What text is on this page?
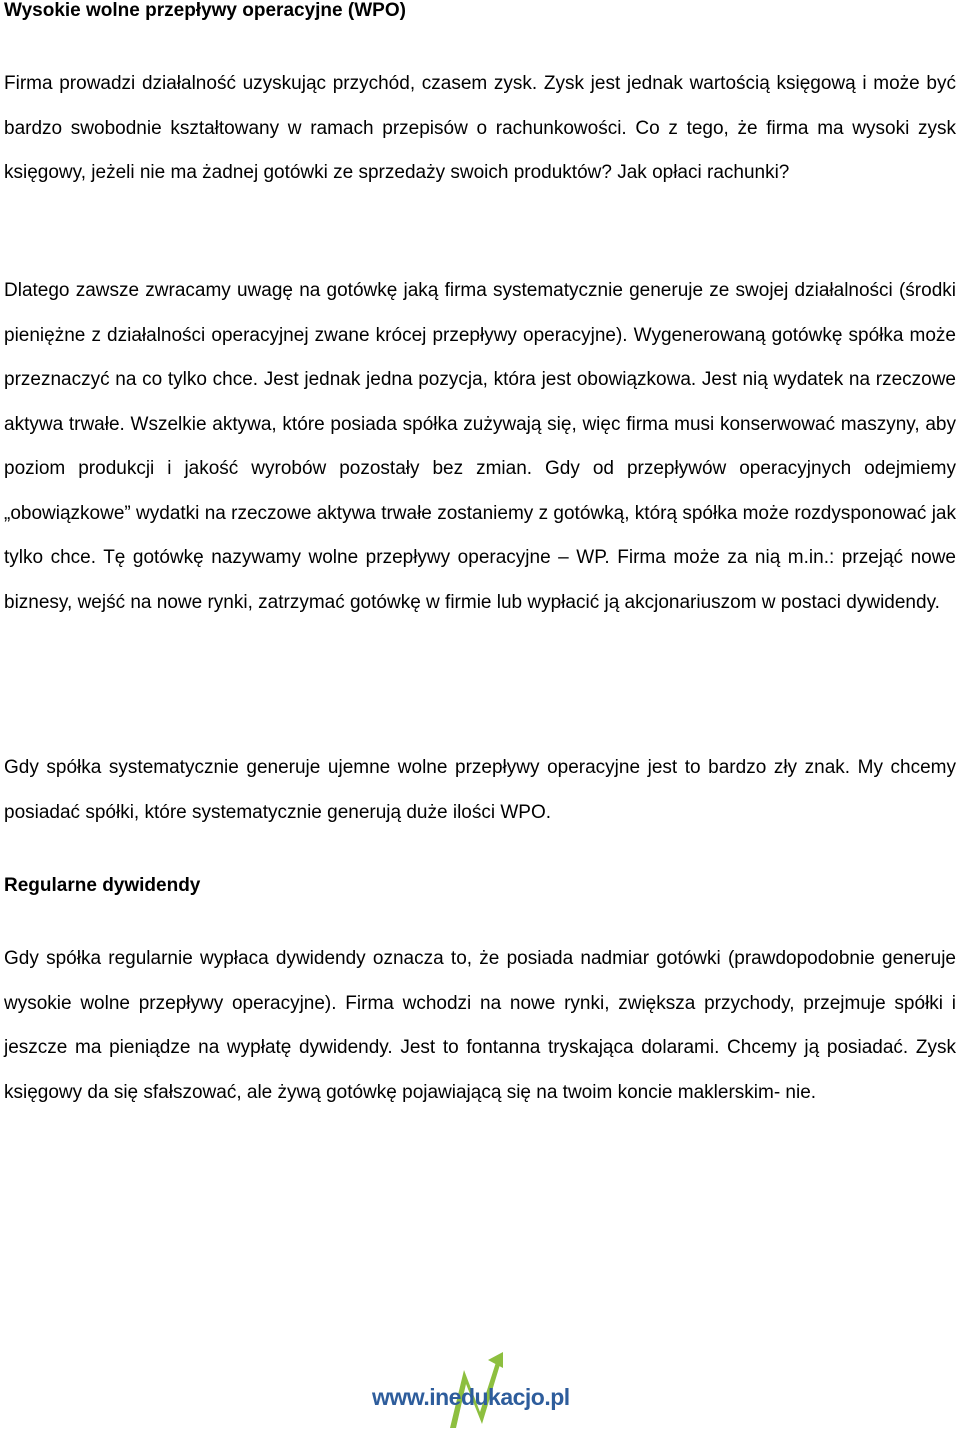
Wysokie wolne przepływy operacyjne (WPO)

Firma prowadzi działalność uzyskując przychód, czasem zysk. Zysk jest jednak wartością księgową i może być bardzo swobodnie kształtowany w ramach przepisów o rachunkowości. Co z tego, że firma ma wysoki zysk księgowy, jeżeli nie ma żadnej gotówki ze sprzedaży swoich produktów? Jak opłaci rachunki?

Dlatego zawsze zwracamy uwagę na gotówkę jaką firma systematycznie generuje ze swojej działalności (środki pieniężne z działalności operacyjnej zwane krócej przepływy operacyjne). Wygenerowaną gotówkę spółka może przeznaczyć na co tylko chce. Jest jednak jedna pozycja, która jest obowiązkowa. Jest nią wydatek na rzeczowe aktywa trwałe. Wszelkie aktywa, które posiada spółka zużywają się, więc firma musi konserwować maszyny, aby poziom produkcji i jakość wyrobów pozostały bez zmian. Gdy od przepływów operacyjnych odejmiemy „obowiązkowe” wydatki na rzeczowe aktywa trwałe zostaniemy z gotówką, którą spółka może rozdysponować jak tylko chce. Tę gotówkę nazywamy wolne przepływy operacyjne – WP. Firma może za nią m.in.: przejąć nowe biznesy, wejść na nowe rynki, zatrzymać gotówkę w firmie lub wypłacić ją akcjonariuszom w postaci dywidendy.

Gdy spółka systematycznie generuje ujemne wolne przepływy operacyjne jest to bardzo zły znak. My chcemy posiadać spółki, które systematycznie generują duże ilości WPO.

Regularne dywidendy

Gdy spółka regularnie wypłaca dywidendy oznacza to, że posiada nadmiar gotówki (prawdopodobnie generuje wysokie wolne przepływy operacyjne). Firma wchodzi na nowe rynki, zwiększa przychody, przejmuje spółki i jeszcze ma pieniądze na wypłatę dywidendy. Jest to fontanna tryskająca dolarami. Chcemy ją posiadać. Zysk księgowy da się sfałszować, ale żywą gotówkę pojawiającą się na twoim koncie maklerskim- nie.

www.inedukacjo.pl
